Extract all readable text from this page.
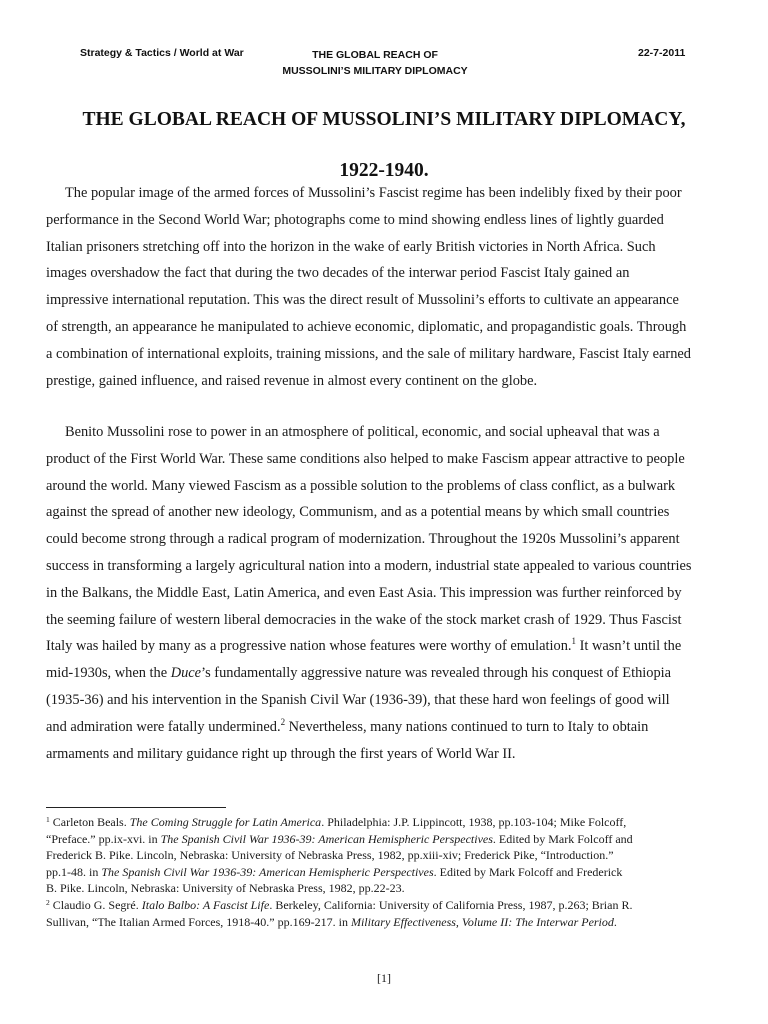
Strategy & Tactics / World at War	THE GLOBAL REACH OF
MUSSOLINI’S MILITARY DIPLOMACY
22-7-2011
THE GLOBAL REACH OF MUSSOLINI’S MILITARY DIPLOMACY,
1922-1940.
The popular image of the armed forces of Mussolini’s Fascist regime has been indelibly fixed by their poor
performance in the Second World War; photographs come to mind showing endless lines of lightly guarded
Italian prisoners stretching off into the horizon in the wake of early British victories in North Africa. Such
images overshadow the fact that during the two decades of the interwar period Fascist Italy gained an
impressive international reputation. This was the direct result of Mussolini’s efforts to cultivate an appearance
of strength, an appearance he manipulated to achieve economic, diplomatic, and propagandistic goals. Through
a combination of international exploits, training missions, and the sale of military hardware, Fascist Italy earned
prestige, gained influence, and raised revenue in almost every continent on the globe.
Benito Mussolini rose to power in an atmosphere of political, economic, and social upheaval that was a
product of the First World War. These same conditions also helped to make Fascism appear attractive to people
around the world. Many viewed Fascism as a possible solution to the problems of class conflict, as a bulwark
against the spread of another new ideology, Communism, and as a potential means by which small countries
could become strong through a radical program of modernization. Throughout the 1920s Mussolini’s apparent
success in transforming a largely agricultural nation into a modern, industrial state appealed to various countries
in the Balkans, the Middle East, Latin America, and even East Asia. This impression was further reinforced by
the seeming failure of western liberal democracies in the wake of the stock market crash of 1929. Thus Fascist
Italy was hailed by many as a progressive nation whose features were worthy of emulation.$^1$ It wasn’t until the
mid-1930s, when the Duce’s fundamentally aggressive nature was revealed through his conquest of Ethiopia
(1935-36) and his intervention in the Spanish Civil War (1936-39), that these hard won feelings of good will
and admiration were fatally undermined.$^2$ Nevertheless, many nations continued to turn to Italy to obtain
armaments and military guidance right up through the first years of World War II.
$^1$ Carleton Beals. The Coming Struggle for Latin America. Philadelphia: J.P. Lippincott, 1938, pp.103-104; Mike Folcoff,
“Preface.” pp.ix-xvi. in The Spanish Civil War 1936-39: American Hemispheric Perspectives. Edited by Mark Folcoff and
Frederick B. Pike. Lincoln, Nebraska: University of Nebraska Press, 1982, pp.xiii-xiv; Frederick Pike, “Introduction.”
pp.1-48. in The Spanish Civil War 1936-39: American Hemispheric Perspectives. Edited by Mark Folcoff and Frederick
B. Pike. Lincoln, Nebraska: University of Nebraska Press, 1982, pp.22-23.
$^2$ Claudio G. Segré. Italo Balbo: A Fascist Life. Berkeley, California: University of California Press, 1987, p.263; Brian R.
Sullivan, “The Italian Armed Forces, 1918-40.” pp.169-217. in Military Effectiveness, Volume II: The Interwar Period.
[1]
